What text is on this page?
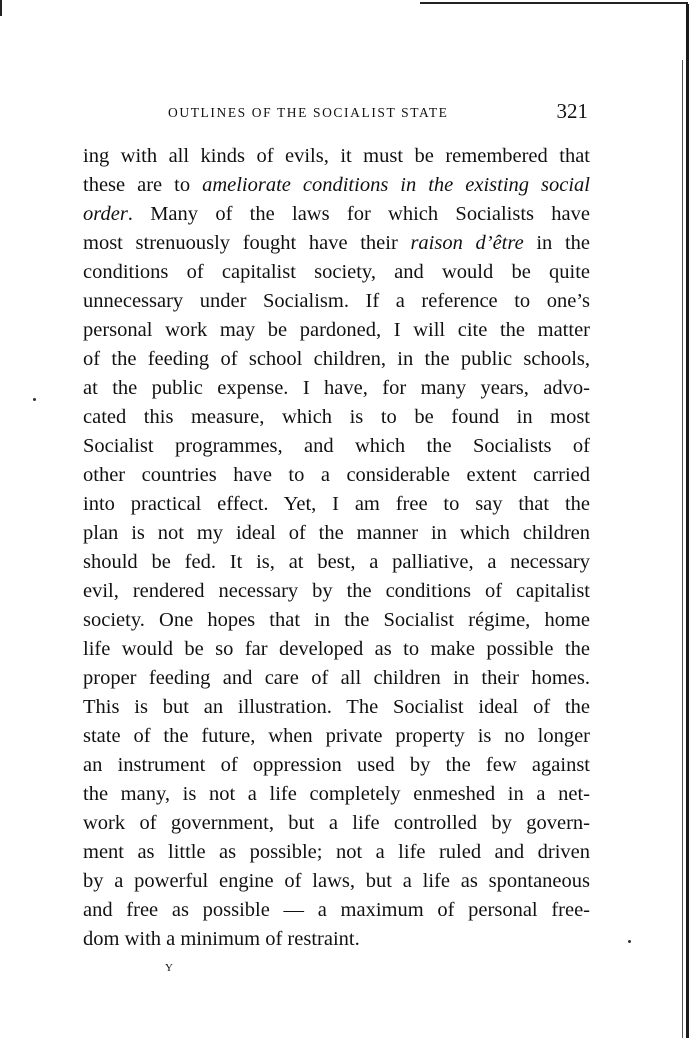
OUTLINES OF THE SOCIALIST STATE	321
ing with all kinds of evils, it must be remembered that
these are to ameliorate conditions in the existing social
order. Many of the laws for which Socialists have
most strenuously fought have their raison d’être in the
conditions of capitalist society, and would be quite
unnecessary under Socialism. If a reference to one’s
personal work may be pardoned, I will cite the matter
of the feeding of school children, in the public schools,
at the public expense. I have, for many years, advo-
cated this measure, which is to be found in most
Socialist programmes, and which the Socialists of
other countries have to a considerable extent carried
into practical effect. Yet, I am free to say that the
plan is not my ideal of the manner in which children
should be fed. It is, at best, a palliative, a necessary
evil, rendered necessary by the conditions of capitalist
society. One hopes that in the Socialist régime, home
life would be so far developed as to make possible the
proper feeding and care of all children in their homes.
This is but an illustration. The Socialist ideal of the
state of the future, when private property is no longer
an instrument of oppression used by the few against
the many, is not a life completely enmeshed in a net-
work of government, but a life controlled by govern-
ment as little as possible; not a life ruled and driven
by a powerful engine of laws, but a life as spontaneous
and free as possible — a maximum of personal free-
dom with a minimum of restraint.
Y
